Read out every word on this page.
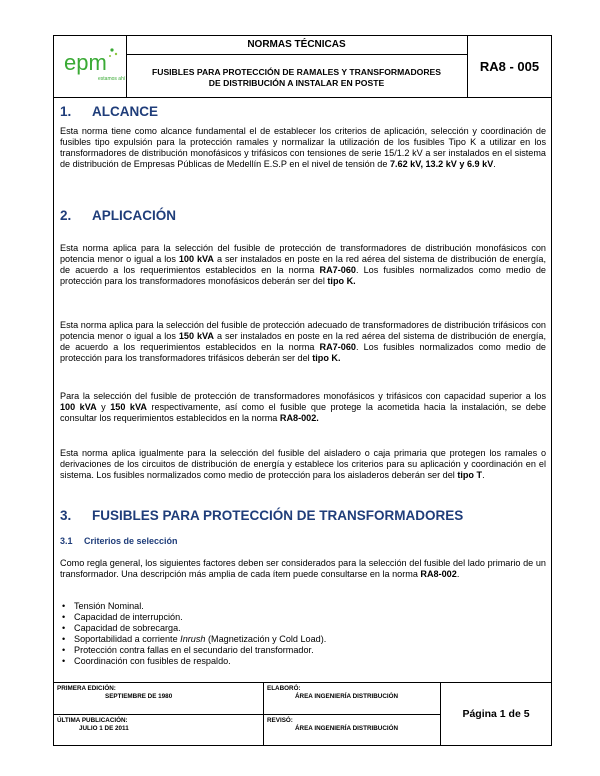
epm
estamos ahí
NORMAS TÉCNICAS
FUSIBLES PARA PROTECCIÓN DE RAMALES Y TRANSFORMADORES
DE DISTRIBUCIÓN A INSTALAR EN POSTE
RA8 - 005
1. ALCANCE

Esta norma tiene como alcance fundamental el de establecer los criterios de aplicación, selección y coordinación de fusibles tipo expulsión para la protección ramales y normalizar la utilización de los fusibles Tipo K a utilizar en los transformadores de distribución monofásicos y trifásicos con tensiones de serie 15/1.2 kV a ser instalados en el sistema de distribución de Empresas Públicas de Medellín E.S.P en el nivel de tensión de 7.62 kV, 13.2 kV y 6.9 kV.

2. APLICACIÓN

Esta norma aplica para la selección del fusible de protección de transformadores de distribución monofásicos con potencia menor o igual a los 100 kVA a ser instalados en poste en la red aérea del sistema de distribución de energía, de acuerdo a los requerimientos establecidos en la norma RA7-060. Los fusibles normalizados como medio de protección para los transformadores monofásicos deberán ser del tipo K.

Esta norma aplica para la selección del fusible de protección adecuado de transformadores de distribución trifásicos con potencia menor o igual a los 150 kVA a ser instalados en poste en la red aérea del sistema de distribución de energía, de acuerdo a los requerimientos establecidos en la norma RA7-060. Los fusibles normalizados como medio de protección para los transformadores trifásicos deberán ser del tipo K.

Para la selección del fusible de protección de transformadores monofásicos y trifásicos con capacidad superior a los 100 kVA y 150 kVA respectivamente, así como el fusible que protege la acometida hacia la instalación, se debe consultar los requerimientos establecidos en la norma RA8-002.

Esta norma aplica igualmente para la selección del fusible del aisladero o caja primaria que protegen los ramales o derivaciones de los circuitos de distribución de energía y establece los criterios para su aplicación y coordinación en el sistema. Los fusibles normalizados como medio de protección para los aisladeros deberán ser del tipo T.

3. FUSIBLES PARA PROTECCIÓN DE TRANSFORMADORES
3.1 Criterios de selección

Como regla general, los siguientes factores deben ser considerados para la selección del fusible del lado primario de un transformador. Una descripción más amplia de cada ítem puede consultarse en la norma RA8-002.

• Tensión Nominal.
• Capacidad de interrupción.
• Capacidad de sobrecarga.
• Soportabilidad a corriente Inrush (Magnetización y Cold Load).
• Protección contra fallas en el secundario del transformador.
• Coordinación con fusibles de respaldo.
PRIMERA EDICIÓN:
SEPTIEMBRE DE 1980
ELABORÓ:
ÁREA INGENIERÍA DISTRIBUCIÓN
ÚLTIMA PUBLICACIÓN:
JULIO 1 DE 2011
REVISÓ:
ÁREA INGENIERÍA DISTRIBUCIÓN
Página 1 de 5
